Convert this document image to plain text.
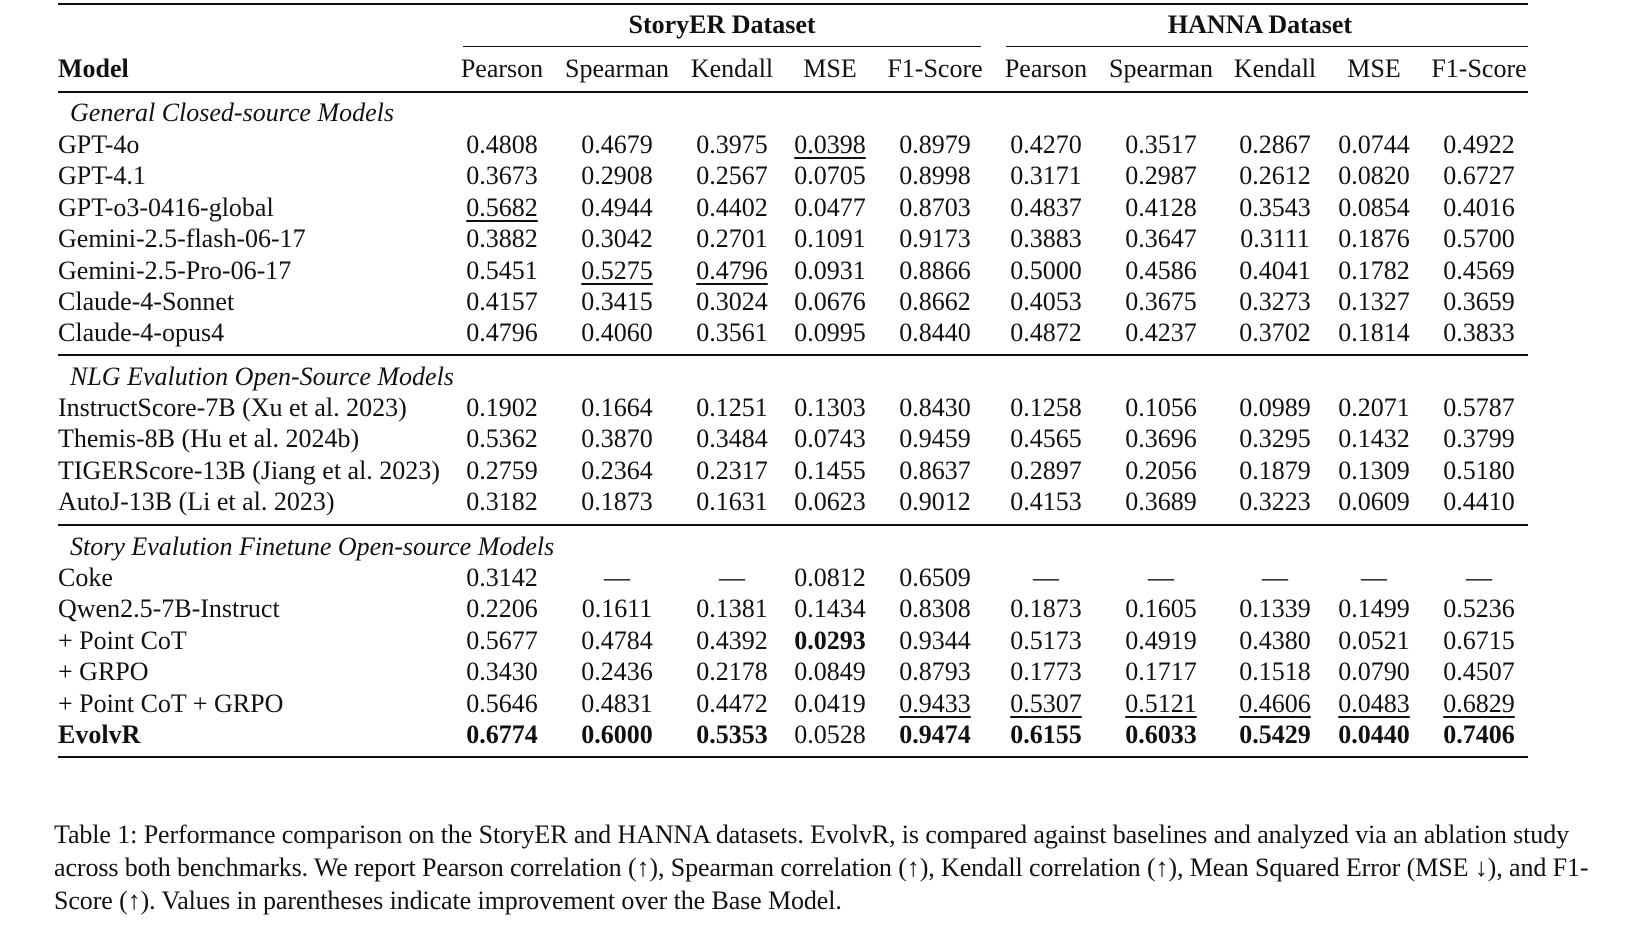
StoryER Dataset	HANNA Dataset
Model	Pearson Spearman Kendall MSE F1-Score Pearson Spearman Kendall MSE F1-Score
General Closed-source Models
GPT-4o	0.4808 0.4679 0.3975 0.0398 0.8979 0.4270 0.3517 0.2867 0.0744 0.4922
GPT-4.1	0.3673 0.2908 0.2567 0.0705 0.8998 0.3171 0.2987 0.2612 0.0820 0.6727
GPT-o3-0416-global	0.5682 0.4944 0.4402 0.0477 0.8703 0.4837 0.4128 0.3543 0.0854 0.4016
Gemini-2.5-flash-06-17	0.3882 0.3042 0.2701 0.1091 0.9173 0.3883 0.3647 0.3111 0.1876 0.5700
Gemini-2.5-Pro-06-17	0.5451 0.5275 0.4796 0.0931 0.8866 0.5000 0.4586 0.4041 0.1782 0.4569
Claude-4-Sonnet	0.4157 0.3415 0.3024 0.0676 0.8662 0.4053 0.3675 0.3273 0.1327 0.3659
Claude-4-opus4	0.4796 0.4060 0.3561 0.0995 0.8440 0.4872 0.4237 0.3702 0.1814 0.3833
NLG Evalution Open-Source Models
InstructScore-7B (Xu et al. 2023) 0.1902 0.1664 0.1251 0.1303 0.8430 0.1258 0.1056 0.0989 0.2071 0.5787
Themis-8B (Hu et al. 2024b)	0.5362 0.3870 0.3484 0.0743 0.9459 0.4565 0.3696 0.3295 0.1432 0.3799
TIGERScore-13B (Jiang et al. 2023) 0.2759 0.2364 0.2317 0.1455 0.8637 0.2897 0.2056 0.1879 0.1309 0.5180
AutoJ-13B (Li et al. 2023)	0.3182 0.1873 0.1631 0.0623 0.9012 0.4153 0.3689 0.3223 0.0609 0.4410
Story Evalution Finetune Open-source Models
Coke	0.3142	—	— 0.0812 0.6509 —	—	—	—	—
Qwen2.5-7B-Instruct	0.2206 0.1611 0.1381 0.1434 0.8308 0.1873 0.1605 0.1339 0.1499 0.5236
+ Point CoT	0.5677 0.4784 0.4392 0.0293 0.9344 0.5173 0.4919 0.4380 0.0521 0.6715
+ GRPO	0.3430 0.2436 0.2178 0.0849 0.8793 0.1773 0.1717 0.1518 0.0790 0.4507
+ Point CoT + GRPO	0.5646 0.4831 0.4472 0.0419 0.9433 0.5307 0.5121 0.4606 0.0483 0.6829
EvolvR	0.6774 0.6000 0.5353 0.0528 0.9474 0.6155 0.6033 0.5429 0.0440 0.7406
Table 1: Performance comparison on the StoryER and HANNA datasets. EvolvR, is compared against baselines and analyzed via an ablation study across both benchmarks. We report Pearson correlation (↑), Spearman correlation (↑), Kendall correlation (↑), Mean Squared Error (MSE ↓), and F1-Score (↑). Values in parentheses indicate improvement over the Base Model.
